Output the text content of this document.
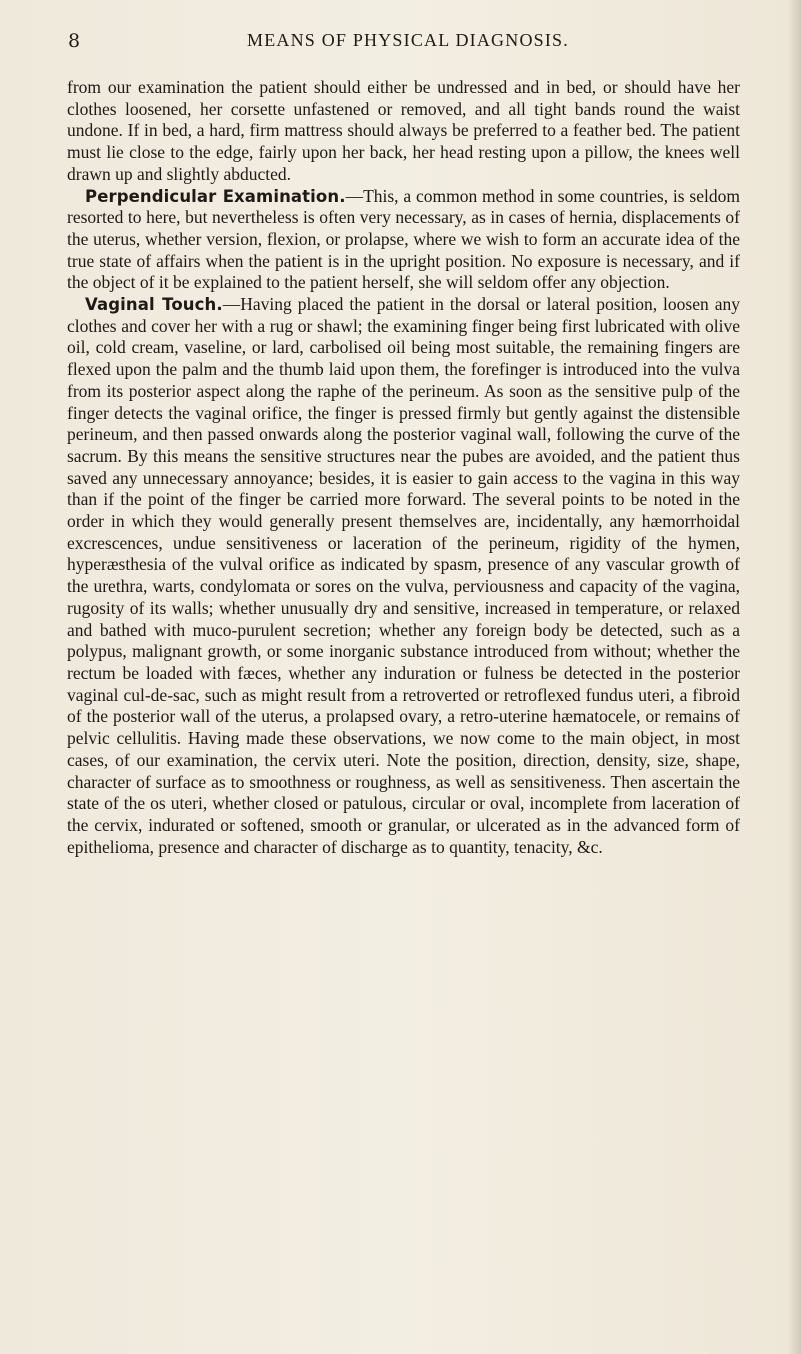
8	MEANS OF PHYSICAL DIAGNOSIS.

from our examination the patient should either be undressed and in bed, or should have her clothes loosened, her corsette unfastened or removed, and all tight bands round the waist undone. If in bed, a hard, firm mattress should always be preferred to a feather bed. The patient must lie close to the edge, fairly upon her back, her head resting upon a pillow, the knees well drawn up and slightly abducted.

Perpendicular Examination.—This, a common method in some countries, is seldom resorted to here, but nevertheless is often very necessary, as in cases of hernia, displacements of the uterus, whether version, flexion, or prolapse, where we wish to form an accurate idea of the true state of affairs when the patient is in the upright position. No exposure is necessary, and if the object of it be explained to the patient herself, she will seldom offer any objection.

Vaginal Touch.—Having placed the patient in the dorsal or lateral position, loosen any clothes and cover her with a rug or shawl; the examining finger being first lubricated with olive oil, cold cream, vaseline, or lard, carbolised oil being most suitable, the remaining fingers are flexed upon the palm and the thumb laid upon them, the forefinger is introduced into the vulva from its posterior aspect along the raphe of the perineum. As soon as the sensitive pulp of the finger detects the vaginal orifice, the finger is pressed firmly but gently against the distensible perineum, and then passed onwards along the posterior vaginal wall, following the curve of the sacrum. By this means the sensitive structures near the pubes are avoided, and the patient thus saved any unnecessary annoyance; besides, it is easier to gain access to the vagina in this way than if the point of the finger be carried more forward. The several points to be noted in the order in which they would generally present themselves are, incidentally, any hæmorrhoidal excrescences, undue sensitiveness or laceration of the perineum, rigidity of the hymen, hyperæsthesia of the vulval orifice as indicated by spasm, presence of any vascular growth of the urethra, warts, condylomata or sores on the vulva, perviousness and capacity of the vagina, rugosity of its walls; whether unusually dry and sensitive, increased in temperature, or relaxed and bathed with muco-purulent secretion; whether any foreign body be detected, such as a polypus, malignant growth, or some inorganic substance introduced from without; whether the rectum be loaded with fæces, whether any induration or fulness be detected in the posterior vaginal cul-de-sac, such as might result from a retroverted or retroflexed fundus uteri, a fibroid of the posterior wall of the uterus, a prolapsed ovary, a retro-uterine hæmatocele, or remains of pelvic cellulitis. Having made these observations, we now come to the main object, in most cases, of our examination, the cervix uteri. Note the position, direction, density, size, shape, character of surface as to smoothness or roughness, as well as sensitiveness. Then ascertain the state of the os uteri, whether closed or patulous, circular or oval, incomplete from laceration of the cervix, indurated or softened, smooth or granular, or ulcerated as in the advanced form of epithelioma, presence and character of discharge as to quantity, tenacity, &c.
